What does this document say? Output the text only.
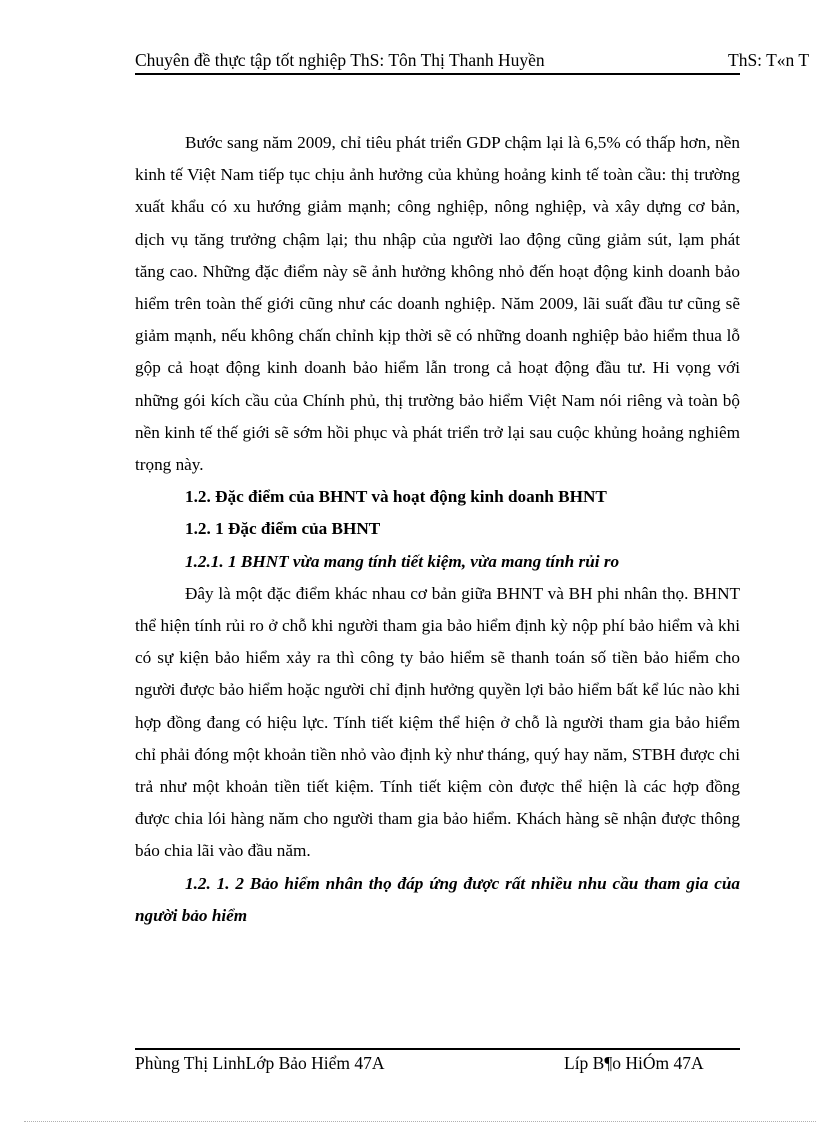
Chuyên đề thực tập tốt nghiệp ThS: Tôn Thị Thanh Huyền	ThS: T«n T

Bước sang năm 2009, chỉ tiêu phát triển GDP chậm lại là 6,5% có thấp hơn, nền kinh tế Việt Nam tiếp tục chịu ảnh hưởng của khủng hoảng kinh tế toàn cầu: thị trường xuất khẩu có xu hướng giảm mạnh; công nghiệp, nông nghiệp, và xây dựng cơ bản, dịch vụ tăng trưởng chậm lại; thu nhập của người lao động cũng giảm sút, lạm phát tăng cao. Những đặc điểm này sẽ ảnh hưởng không nhỏ đến hoạt động kinh doanh bảo hiểm trên toàn thế giới cũng như các doanh nghiệp. Năm 2009, lãi suất đầu tư cũng sẽ giảm mạnh, nếu không chấn chỉnh kịp thời sẽ có những doanh nghiệp bảo hiểm thua lỗ gộp cả hoạt động kinh doanh bảo hiểm lẫn trong cả hoạt động đầu tư. Hi vọng với những gói kích cầu của Chính phủ, thị trường bảo hiểm Việt Nam nói riêng và toàn bộ nền kinh tế thế giới sẽ sớm hồi phục và phát triển trở lại sau cuộc khủng hoảng nghiêm trọng này.

1.2. Đặc điểm của BHNT và hoạt động kinh doanh BHNT
1.2. 1 Đặc điểm của BHNT
1.2.1. 1 BHNT vừa mang tính tiết kiệm, vừa mang tính rủi ro

Đây là một đặc điểm khác nhau cơ bản giữa BHNT và BH phi nhân thọ. BHNT thể hiện tính rủi ro ở chỗ khi người tham gia bảo hiểm định kỳ nộp phí bảo hiểm và khi có sự kiện bảo hiểm xảy ra thì công ty bảo hiểm sẽ thanh toán số tiền bảo hiểm cho người được bảo hiểm hoặc người chỉ định hưởng quyền lợi bảo hiểm bất kể lúc nào khi hợp đồng đang có hiệu lực. Tính tiết kiệm thể hiện ở chỗ là người tham gia bảo hiểm chỉ phải đóng một khoản tiền nhỏ vào định kỳ như tháng, quý hay năm, STBH được chi trả như một khoản tiền tiết kiệm. Tính tiết kiệm còn được thể hiện là các hợp đồng được chia lói hàng năm cho người tham gia bảo hiểm. Khách hàng sẽ nhận được thông báo chia lãi vào đầu năm.

1.2. 1. 2 Bảo hiểm nhân thọ đáp ứng được rất nhiều nhu cầu tham gia của người bảo hiểm
Phùng Thị LinhLớp Bảo Hiểm 47A	Líp B¶o HiÓm 47A
